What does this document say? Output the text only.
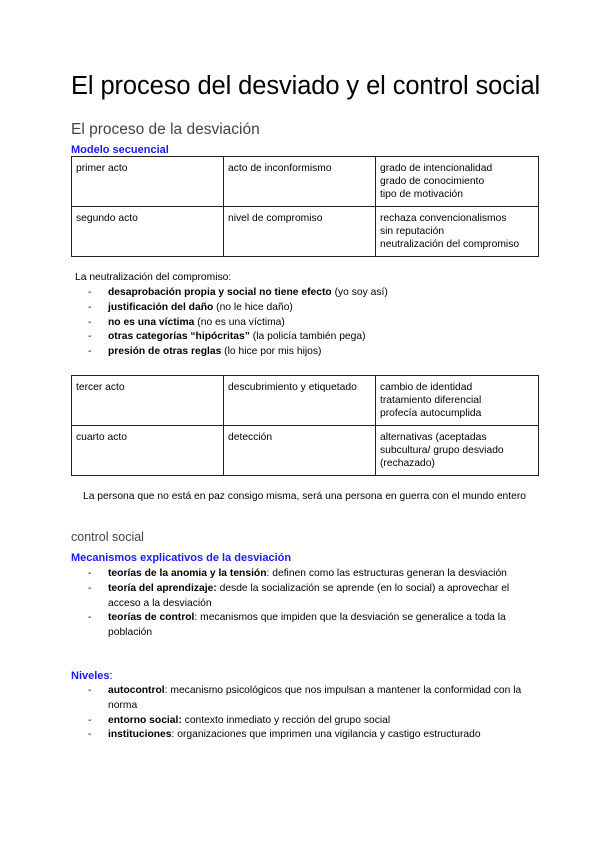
El proceso del desviado y el control social
El proceso de la desviación
Modelo secuencial
primer acto	acto de inconformismo	grado de intencionalidad
grado de conocimiento
tipo de motivación

segundo acto	nivel de compromiso	rechaza convencionalismos
sin reputación
neutralización del compromiso
La neutralización del compromiso:
- desaprobación propia y social no tiene efecto (yo soy así)
- justificación del daño (no le hice daño)
- no es una víctima (no es una víctima)
- otras categorías “hipócritas” (la policía también pega)
- presión de otras reglas (lo hice por mis hijos)
tercer acto	descubrimiento y etiquetado	cambio de identidad
tratamiento diferencial
profecía autocumplida

cuarto acto	detección	alternativas (aceptadas
subcultura/ grupo desviado
(rechazado)

La persona que no está en paz consigo misma, será una persona en guerra con el mundo entero

control social
Mecanismos explicativos de la desviación
- teorías de la anomia y la tensión: definen como las estructuras generan la desviación
- teoría del aprendizaje: desde la socialización se aprende (en lo social) a aprovechar el acceso a la desviación
- teorías de control: mecanismos que impiden que la desviación se generalice a toda la población
Niveles:
- autocontrol: mecanismo psicológicos que nos impulsan a mantener la conformidad con la norma
- entorno social: contexto inmediato y rección del grupo social
- instituciones: organizaciones que imprimen una vigilancia y castigo estructurado
